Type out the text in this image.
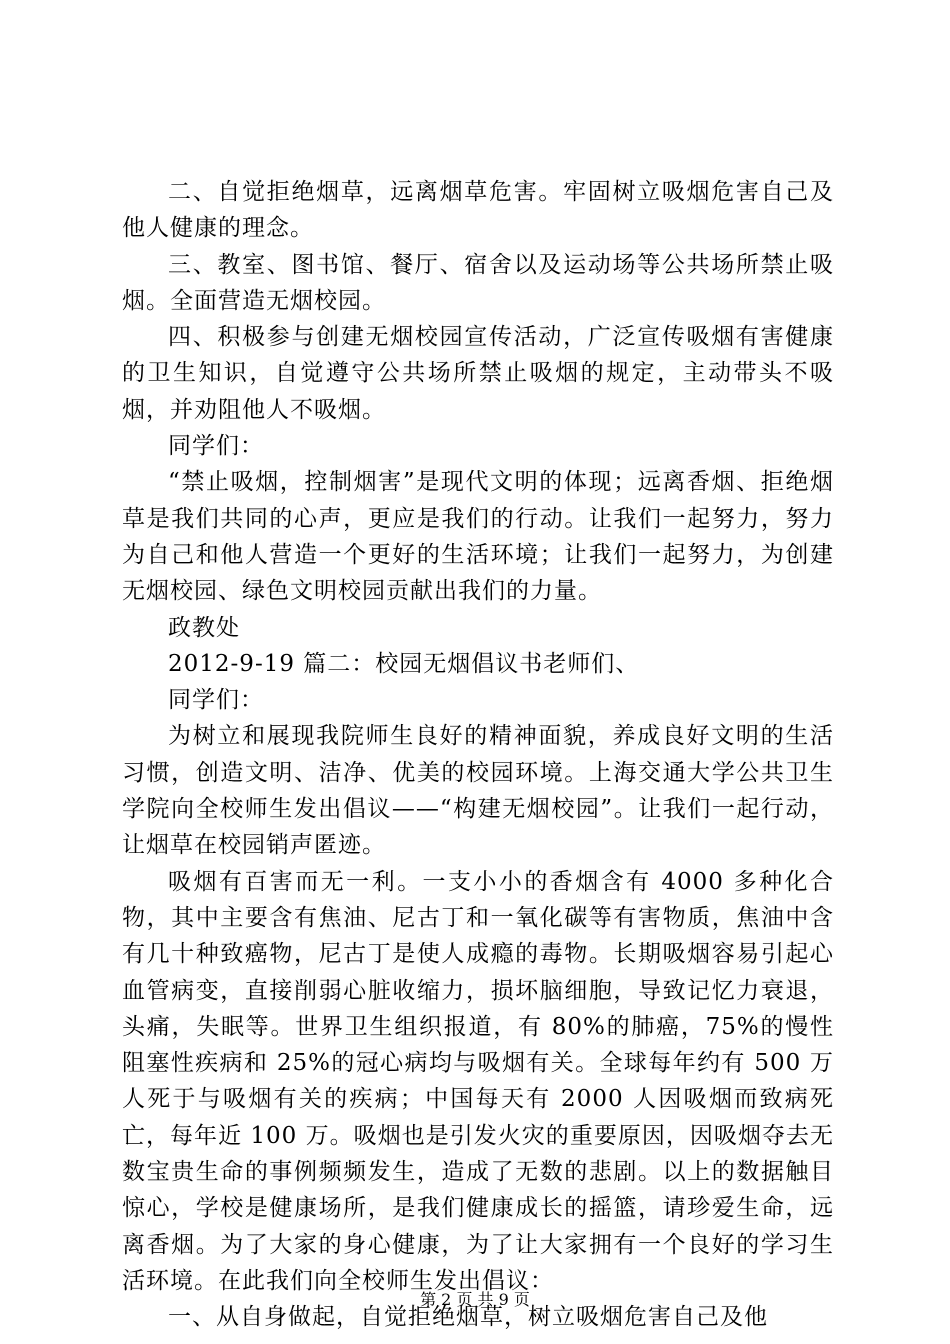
二、自觉拒绝烟草，远离烟草危害。牢固树立吸烟危害自己及他人健康的理念。

三、教室、图书馆、餐厅、宿舍以及运动场等公共场所禁止吸烟。全面营造无烟校园。

四、积极参与创建无烟校园宣传活动，广泛宣传吸烟有害健康的卫生知识，自觉遵守公共场所禁止吸烟的规定，主动带头不吸烟，并劝阻他人不吸烟。

同学们：

“禁止吸烟，控制烟害”是现代文明的体现；远离香烟、拒绝烟草是我们共同的心声，更应是我们的行动。让我们一起努力，努力为自己和他人营造一个更好的生活环境；让我们一起努力，为创建无烟校园、绿色文明校园贡献出我们的力量。

政教处

2012-9-19 篇二：校园无烟倡议书老师们、

同学们：

为树立和展现我院师生良好的精神面貌，养成良好文明的生活习惯，创造文明、洁净、优美的校园环境。上海交通大学公共卫生学院向全校师生发出倡议——“构建无烟校园”。让我们一起行动，让烟草在校园销声匿迹。

吸烟有百害而无一利。一支小小的香烟含有 4000 多种化合物，其中主要含有焦油、尼古丁和一氧化碳等有害物质，焦油中含有几十种致癌物，尼古丁是使人成瘾的毒物。长期吸烟容易引起心血管病变，直接削弱心脏收缩力，损坏脑细胞，导致记忆力衰退，头痛，失眠等。世界卫生组织报道，有 80%的肺癌，75%的慢性阻塞性疾病和 25%的冠心病均与吸烟有关。全球每年约有 500 万人死于与吸烟有关的疾病；中国每天有 2000 人因吸烟而致病死亡，每年近 100 万。吸烟也是引发火灾的重要原因，因吸烟夺去无数宝贵生命的事例频频发生，造成了无数的悲剧。以上的数据触目惊心，学校是健康场所，是我们健康成长的摇篮，请珍爱生命，远离香烟。为了大家的身心健康，为了让大家拥有一个良好的学习生活环境。在此我们向全校师生发出倡议：

一、从自身做起，自觉拒绝烟草，树立吸烟危害自己及他

第 2 页 共 9 页
